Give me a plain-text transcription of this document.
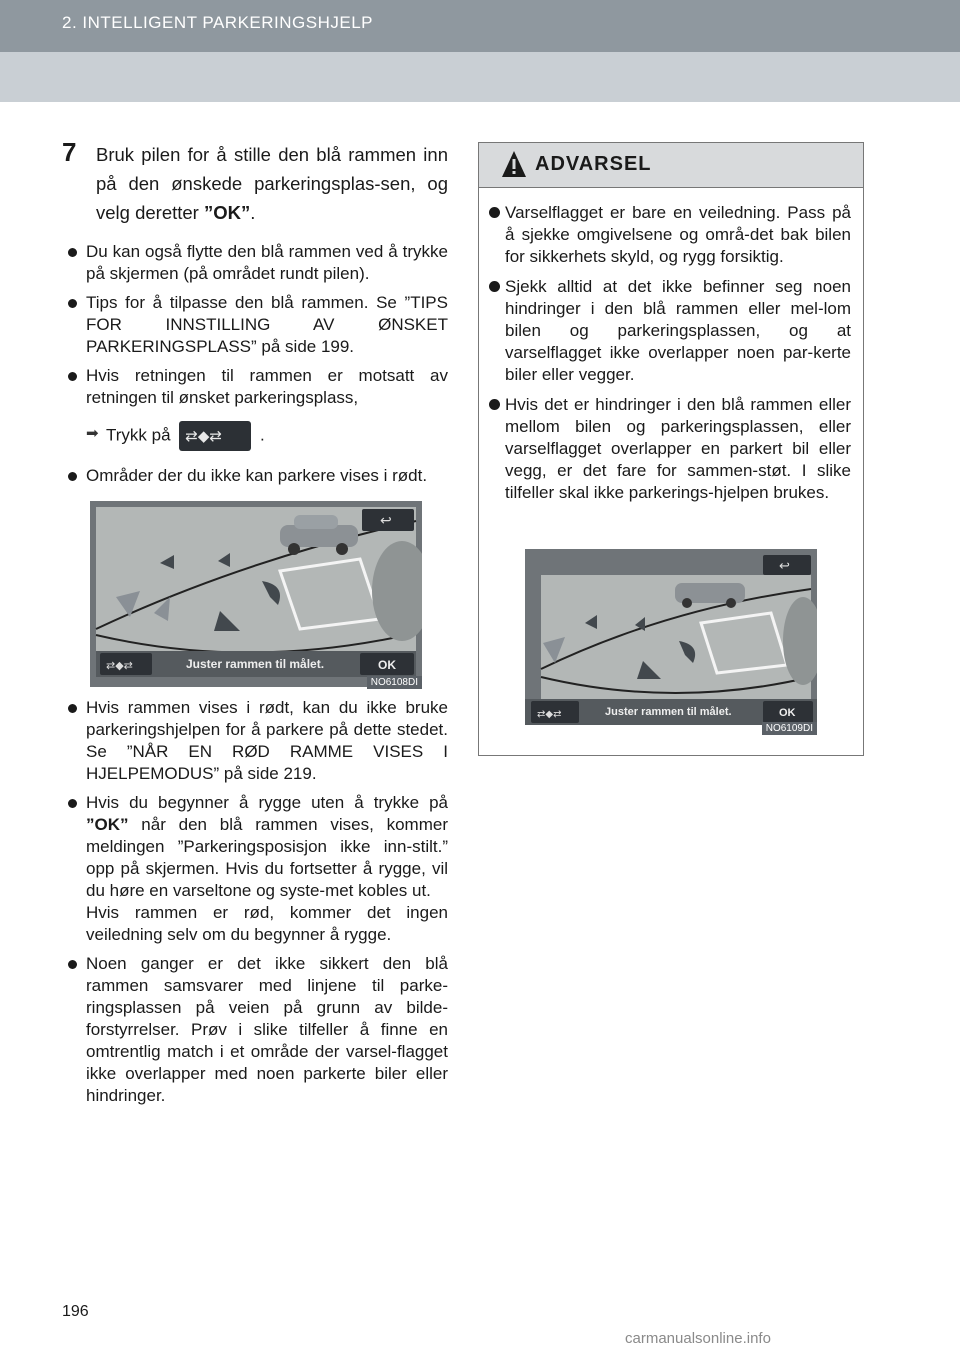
2. INTELLIGENT PARKERINGSHJELP
7 Bruk pilen for å stille den blå rammen inn på den ønskede parkeringsplas-sen, og velg deretter ”OK”.
Du kan også flytte den blå rammen ved å trykke på skjermen (på området rundt pilen).
Tips for å tilpasse den blå rammen. Se ”TIPS FOR INNSTILLING AV ØNSKET PARKERINGSPLASS” på side 199.
Hvis retningen til rammen er motsatt av retningen til ønsket parkeringsplass,
➡ Trykk på ⇄◆⇄ .
Områder der du ikke kan parkere vises i rødt.
↩
⇄◆⇄	Juster rammen til målet.	OK
NO6108DI
Hvis rammen vises i rødt, kan du ikke bruke parkeringshjelpen for å parkere på dette stedet. Se ”NÅR EN RØD RAMME VISES I HJELPEMODUS” på side 219.
Hvis du begynner å rygge uten å trykke på ”OK” når den blå rammen vises, kommer meldingen ”Parkeringsposisjon ikke inn-stilt.” opp på skjermen. Hvis du fortsetter å rygge, vil du høre en varseltone og syste-met kobles ut.
Hvis rammen er rød, kommer det ingen veiledning selv om du begynner å rygge.
Noen ganger er det ikke sikkert den blå rammen samsvarer med linjene til parke-ringsplassen på veien på grunn av bilde-forstyrrelser. Prøv i slike tilfeller å finne en omtrentlig match i et område der varsel-flagget ikke overlapper med noen parkerte biler eller hindringer.
ADVARSEL
Varselflagget er bare en veiledning. Pass på å sjekke omgivelsene og områ-det bak bilen for sikkerhets skyld, og rygg forsiktig.
Sjekk alltid at det ikke befinner seg noen hindringer i den blå rammen eller mel-lom bilen og parkeringsplassen, og at varselflagget ikke overlapper noen par-kerte biler eller vegger.
Hvis det er hindringer i den blå rammen eller mellom bilen og parkeringsplassen, eller varselflagget overlapper en parkert bil eller vegg, er det fare for sammen-støt. I slike tilfeller skal ikke parkerings-hjelpen brukes.
↩
⇄◆⇄	Juster rammen til målet.	OK
NO6109DI
196
carmanualsonline.info
